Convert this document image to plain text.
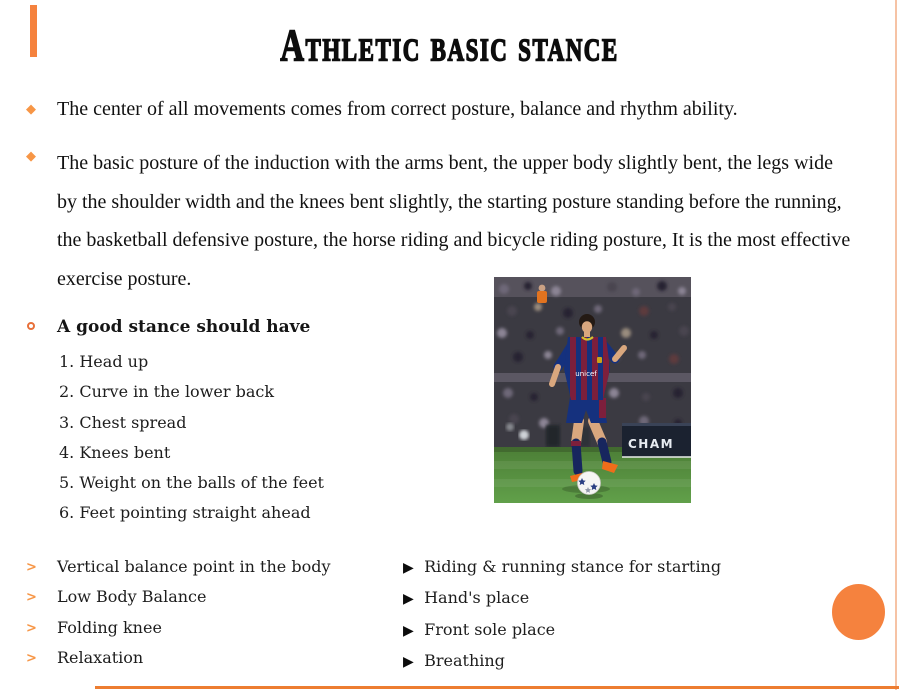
Athletic basic stance
◆ The center of all movements comes from correct posture, balance and rhythm ability.

◆ The basic posture of the induction with the arms bent, the upper body slightly bent, the legs wide by the shoulder width and the knees bent slightly, the starting posture standing before the running, the basketball defensive posture, the horse riding and bicycle riding posture, It is the most effective exercise posture.

A good stance should have
1. Head up
2. Curve in the lower back
3. Chest spread
4. Knees bent
5. Weight on the balls of the feet
6. Feet pointing straight ahead
CHAM
unicef
> Vertical balance point in the body
> Low Body Balance
> Folding knee
> Relaxation
▶ Riding & running stance for starting
▶ Hand's place
▶ Front sole place
▶ Breathing
